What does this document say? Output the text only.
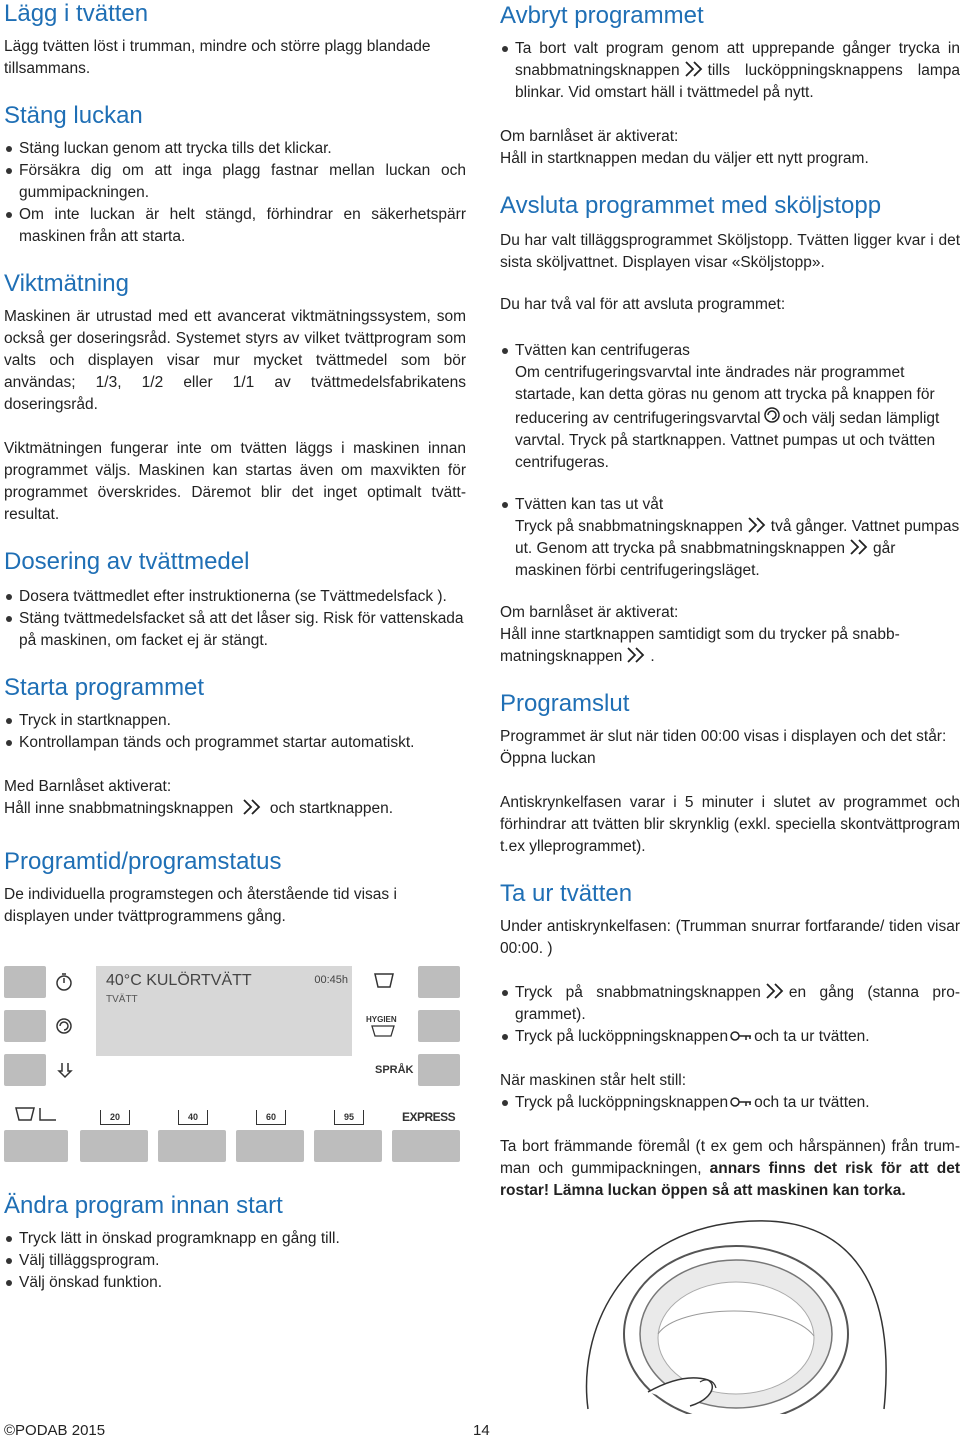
Lägg i tvätten

Lägg tvätten löst i trumman, mindre och större plagg blandade tillsammans.

Stäng luckan
Stäng luckan genom att trycka tills det klickar.
Försäkra dig om att inga plagg fastnar mellan luckan och gummipackningen.
Om inte luckan är helt stängd, förhindrar en säkerhetspärr maskinen från att starta.
Viktmätning

Maskinen är utrustad med ett avancerat viktmätningssystem, som också ger doseringsråd. Systemet styrs av vilket tvättprogram som valts och displayen visar mur mycket tvättmedel som bör användas; 1/3, 1/2 eller 1/1 av tvättmedelsfabrikatens doseringsråd.

Viktmätningen fungerar inte om tvätten läggs i maskinen innan programmet väljs. Maskinen kan startas även om maxvikten för programmet överskrides. Däremot blir det inget optimalt tvättresultat.

Dosering av tvättmedel
Dosera tvättmedlet efter instruktionerna (se Tvättmedelsfack ).
Stäng tvättmedelsfacket så att det låser sig. Risk för vattenskada på maskinen, om facket ej är stängt.
Starta programmet
Tryck in startknappen.
Kontrollampan tänds och programmet startar automatiskt.

Med Barnlåset aktiverat:

Håll inne snabbmatningsknappen och startknappen.

Programtid/programstatus

De individuella programstegen och återstående tid visas i displayen under tvättprogrammens gång.

Ändra program innan start
Tryck lätt in önskad programknapp en gång till.
Välj tilläggsprogram.
Välj önskad funktion.
40°C KULÖRTVÄTT	00:45h
TVÄTT
HYGIEN
SPRÅK
20	40	60	95	EXPRESS
Avbryt programmet
Ta bort valt program genom att upprepande gånger trycka in snabbmatningsknappen tills lucköppningsknappens lampa blinkar. Vid omstart häll i tvättmedel på nytt.

Om barnlåset är aktiverat:

Håll in startknappen medan du väljer ett nytt program.

Avsluta programmet med sköljstopp

Du har valt tilläggsprogrammet Sköljstopp. Tvätten ligger kvar i det sista sköljvattnet. Displayen visar «Sköljstopp».

Du har två val för att avsluta programmet:

Tvätten kan centrifugeras
Om centrifugeringsvarvtal inte ändrades när programmet startade, kan detta göras nu genom att trycka på knappen för reducering av centrifugeringsvarvtal och välj sedan lämpligt varvtal. Tryck på startknappen. Vattnet pumpas ut och tvätten centrifugeras.
Tvätten kan tas ut våt
Tryck på snabbmatningsknappen två gånger. Vattnet pumpas ut. Genom att trycka på snabbmatningsknappen går maskinen förbi centrifugeringsläget.

Om barnlåset är aktiverat:

Håll inne startknappen samtidigt som du trycker på snabbmatningsknappen .

Programslut

Programmet är slut när tiden 00:00 visas i displayen och det står: Öppna luckan

Antiskrynkelfasen varar i 5 minuter i slutet av programmet och förhindrar att tvätten blir skrynklig (exkl. speciella skontvättprogram t.ex ylleprogrammet).

Ta ur tvätten

Under antiskrynkelfasen: (Trumman snurrar fortfarande/ tiden visar 00:00. )

Tryck på snabbmatningsknappen en gång (stanna programmet).
Tryck på lucköppningsknappen och ta ur tvätten.

När maskinen står helt still:

Tryck på lucköppningsknappen och ta ur tvätten.

Ta bort främmande föremål (t ex gem och hårspännen) från trumman och gummipackningen, annars finns det risk för att det rostar! Lämna luckan öppen så att maskinen kan torka.

©PODAB 2015	14
